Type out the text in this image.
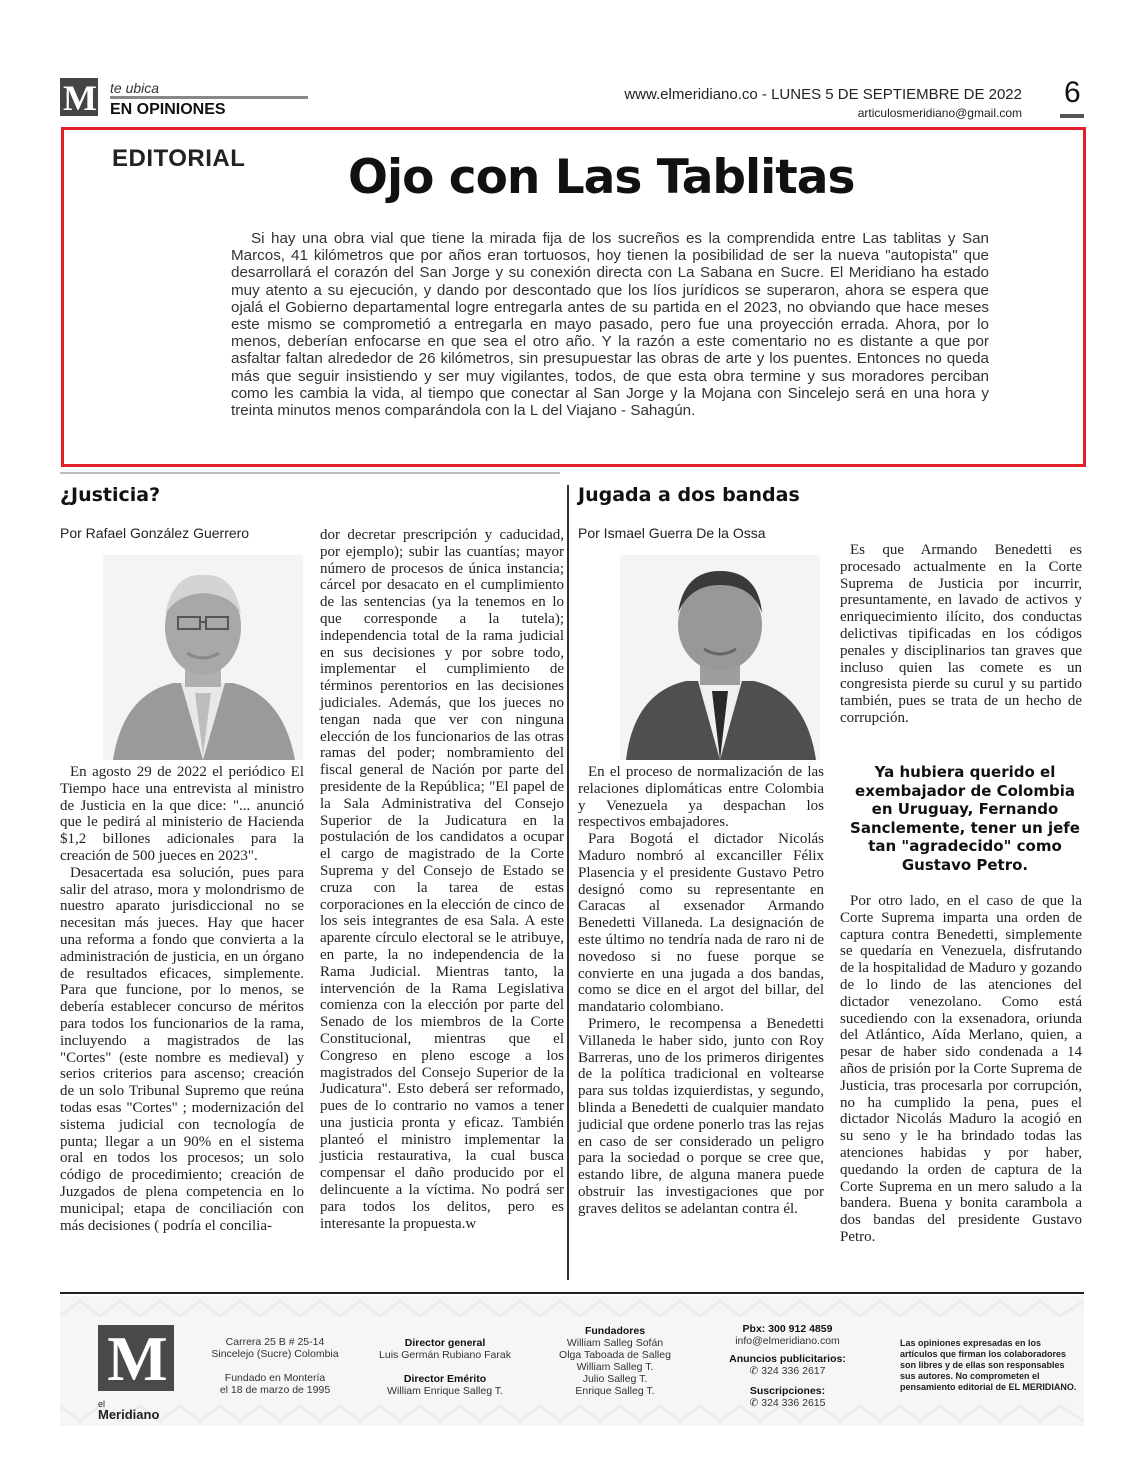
M te ubica
EN OPINIONES
www.elmeridiano.co - LUNES 5 DE SEPTIEMBRE DE 2022
articulosmeridiano@gmail.com
6
EDITORIAL Ojo con Las Tablitas

Si hay una obra vial que tiene la mirada fija de los sucreños es la comprendida entre Las tablitas y San Marcos, 41 kilómetros que por años eran tortuosos, hoy tienen la posibilidad de ser la nueva "autopista" que desarrollará el corazón del San Jorge y su conexión directa con La Sabana en Sucre. El Meridiano ha estado muy atento a su ejecución, y dando por descontado que los líos jurídicos se superaron, ahora se espera que ojalá el Gobierno departamental logre entregarla antes de su partida en el 2023, no obviando que hace meses este mismo se comprometió a entregarla en mayo pasado, pero fue una proyección errada. Ahora, por lo menos, deberían enfocarse en que sea el otro año. Y la razón a este comentario no es distante a que por asfaltar faltan alrededor de 26 kilómetros, sin presupuestar las obras de arte y los puentes. Entonces no queda más que seguir insistiendo y ser muy vigilantes, todos, de que esta obra termine y sus moradores perciban como les cambia la vida, al tiempo que conectar al San Jorge y la Mojana con Sincelejo será en una hora y treinta minutos menos comparándola con la L del Viajano - Sahagún.

¿Justicia?
Por Rafael González Guerrero

En agosto 29 de 2022 el periódico El Tiempo hace una entrevista al ministro de Justicia en la que dice: "... anunció que le pedirá al ministerio de Hacienda $1,2 billones adicionales para la creación de 500 jueces en 2023".

Desacertada esa solución, pues para salir del atraso, mora y molondrismo de nuestro aparato jurisdiccional no se necesitan más jueces. Hay que hacer una reforma a fondo que convierta a la administración de justicia, en un órgano de resultados eficaces, simplemente. Para que funcione, por lo menos, se debería establecer concurso de méritos para todos los funcionarios de la rama, incluyendo a magistrados de las "Cortes" (este nombre es medieval) y serios criterios para ascenso; creación de un solo Tribunal Supremo que reúna todas esas "Cortes" ; modernización del sistema judicial con tecnología de punta; llegar a un 90% en el sistema oral en todos los procesos; un solo código de procedimiento; creación de Juzgados de plena competencia en lo municipal; etapa de conciliación con más decisiones ( podría el concilia-

dor decretar prescripción y caducidad, por ejemplo); subir las cuantías; mayor número de procesos de única instancia; cárcel por desacato en el cumplimiento de las sentencias (ya la tenemos en lo que corresponde a la tutela); independencia total de la rama judicial en sus decisiones y por sobre todo, implementar el cumplimiento de términos perentorios en las decisiones judiciales. Además, que los jueces no tengan nada que ver con ninguna elección de los funcionarios de las otras ramas del poder; nombramiento del fiscal general de Nación por parte del presidente de la República; "El papel de la Sala Administrativa del Consejo Superior de la Judicatura en la postulación de los candidatos a ocupar el cargo de magistrado de la Corte Suprema y del Consejo de Estado se cruza con la tarea de estas corporaciones en la elección de cinco de los seis integrantes de esa Sala. A este aparente círculo electoral se le atribuye, en parte, la no independencia de la Rama Judicial. Mientras tanto, la intervención de la Rama Legislativa comienza con la elección por parte del Senado de los miembros de la Corte Constitucional, mientras que el Congreso en pleno escoge a los magistrados del Consejo Superior de la Judicatura". Esto deberá ser reformado, pues de lo contrario no vamos a tener una justicia pronta y eficaz. También planteó el ministro implementar la justicia restaurativa, la cual busca compensar el daño producido por el delincuente a la víctima. No podrá ser para todos los delitos, pero es interesante la propuesta.w

Jugada a dos bandas
Por Ismael Guerra De la Ossa

En el proceso de normalización de las relaciones diplomáticas entre Colombia y Venezuela ya despachan los respectivos embajadores.

Para Bogotá el dictador Nicolás Maduro nombró al excanciller Félix Plasencia y el presidente Gustavo Petro designó como su representante en Caracas al exsenador Armando Benedetti Villaneda. La designación de este último no tendría nada de raro ni de novedoso si no fuese porque se convierte en una jugada a dos bandas, como se dice en el argot del billar, del mandatario colombiano.

Primero, le recompensa a Benedetti Villaneda le haber sido, junto con Roy Barreras, uno de los primeros dirigentes de la política tradicional en voltearse para sus toldas izquierdistas, y segundo, blinda a Benedetti de cualquier mandato judicial que ordene ponerlo tras las rejas en caso de ser considerado un peligro para la sociedad o porque se cree que, estando libre, de alguna manera puede obstruir las investigaciones que por graves delitos se adelantan contra él.

Es que Armando Benedetti es procesado actualmente en la Corte Suprema de Justicia por incurrir, presuntamente, en lavado de activos y enriquecimiento ilícito, dos conductas delictivas tipificadas en los códigos penales y disciplinarios tan graves que incluso quien las comete es un congresista pierde su curul y su partido también, pues se trata de un hecho de corrupción.

Ya hubiera querido el exembajador de Colombia en Uruguay, Fernando Sanclemente, tener un jefe tan "agradecido" como Gustavo Petro.

Por otro lado, en el caso de que la Corte Suprema imparta una orden de captura contra Benedetti, simplemente se quedaría en Venezuela, disfrutando de la hospitalidad de Maduro y gozando de lo lindo de las atenciones del dictador venezolano. Como está sucediendo con la exsenadora, oriunda del Atlántico, Aída Merlano, quien, a pesar de haber sido condenada a 14 años de prisión por la Corte Suprema de Justicia, tras procesarla por corrupción, no ha cumplido la pena, pues el dictador Nicolás Maduro la acogió en su seno y le ha brindado todas las atenciones habidas y por haber, quedando la orden de captura de la Corte Suprema en un mero saludo a la bandera. Buena y bonita carambola a dos bandas del presidente Gustavo Petro.

M
el
Meridiano
Carrera 25 B # 25-14
Sincelejo (Sucre) Colombia
Fundado en Montería
el 18 de marzo de 1995
Director general
Luis Germán Rubiano Farak
Director Emérito
William Enrique Salleg T.
Fundadores
William Salleg Sofán
Olga Taboada de Salleg
William Salleg T.
Julio Salleg T.
Enrique Salleg T.
Pbx: 300 912 4859
info@elmeridiano.com
Anuncios publicitarios:
✆ 324 336 2617
Suscripciones:
✆ 324 336 2615
Las opiniones expresadas en los artículos que firman los colaboradores son libres y de ellas son responsables sus autores. No comprometen el pensamiento editorial de EL MERIDIANO.
